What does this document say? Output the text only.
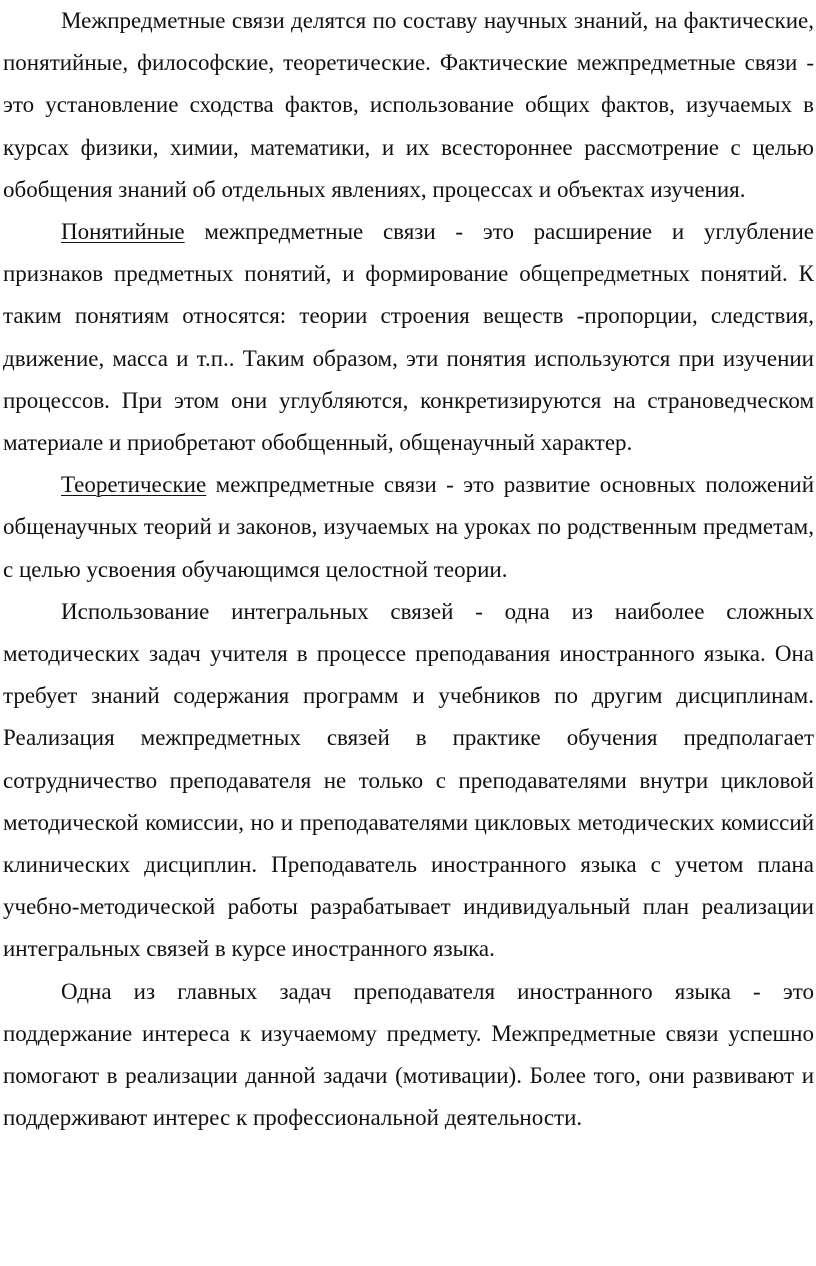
Межпредметные связи делятся по составу научных знаний, на фактические, понятийные, философские, теоретические. Фактические межпредметные связи - это установление сходства фактов, использование общих фактов, изучаемых в курсах физики, химии, математики, и их всестороннее рассмотрение с целью обобщения знаний об отдельных явлениях, процессах и объектах изучения.

Понятийные межпредметные связи - это расширение и углубление признаков предметных понятий, и формирование общепредметных понятий. К таким понятиям относятся: теории строения веществ -пропорции, следствия, движение, масса и т.п.. Таким образом, эти понятия используются при изучении процессов. При этом они углубляются, конкретизируются на страноведческом материале и приобретают обобщенный, общенаучный характер.

Теоретические межпредметные связи - это развитие основных положений общенаучных теорий и законов, изучаемых на уроках по родственным предметам, с целью усвоения обучающимся целостной теории.

Использование интегральных связей - одна из наиболее сложных методических задач учителя в процессе преподавания иностранного языка. Она требует знаний содержания программ и учебников по другим дисциплинам. Реализация межпредметных связей в практике обучения предполагает сотрудничество преподавателя не только с преподавателями внутри цикловой методической комиссии, но и преподавателями цикловых методических комиссий клинических дисциплин. Преподаватель иностранного языка с учетом плана учебно-методической работы разрабатывает индивидуальный план реализации интегральных связей в курсе иностранного языка.

Одна из главных задач преподавателя иностранного языка - это поддержание интереса к изучаемому предмету. Межпредметные связи успешно помогают в реализации данной задачи (мотивации). Более того, они развивают и поддерживают интерес к профессиональной деятельности.
